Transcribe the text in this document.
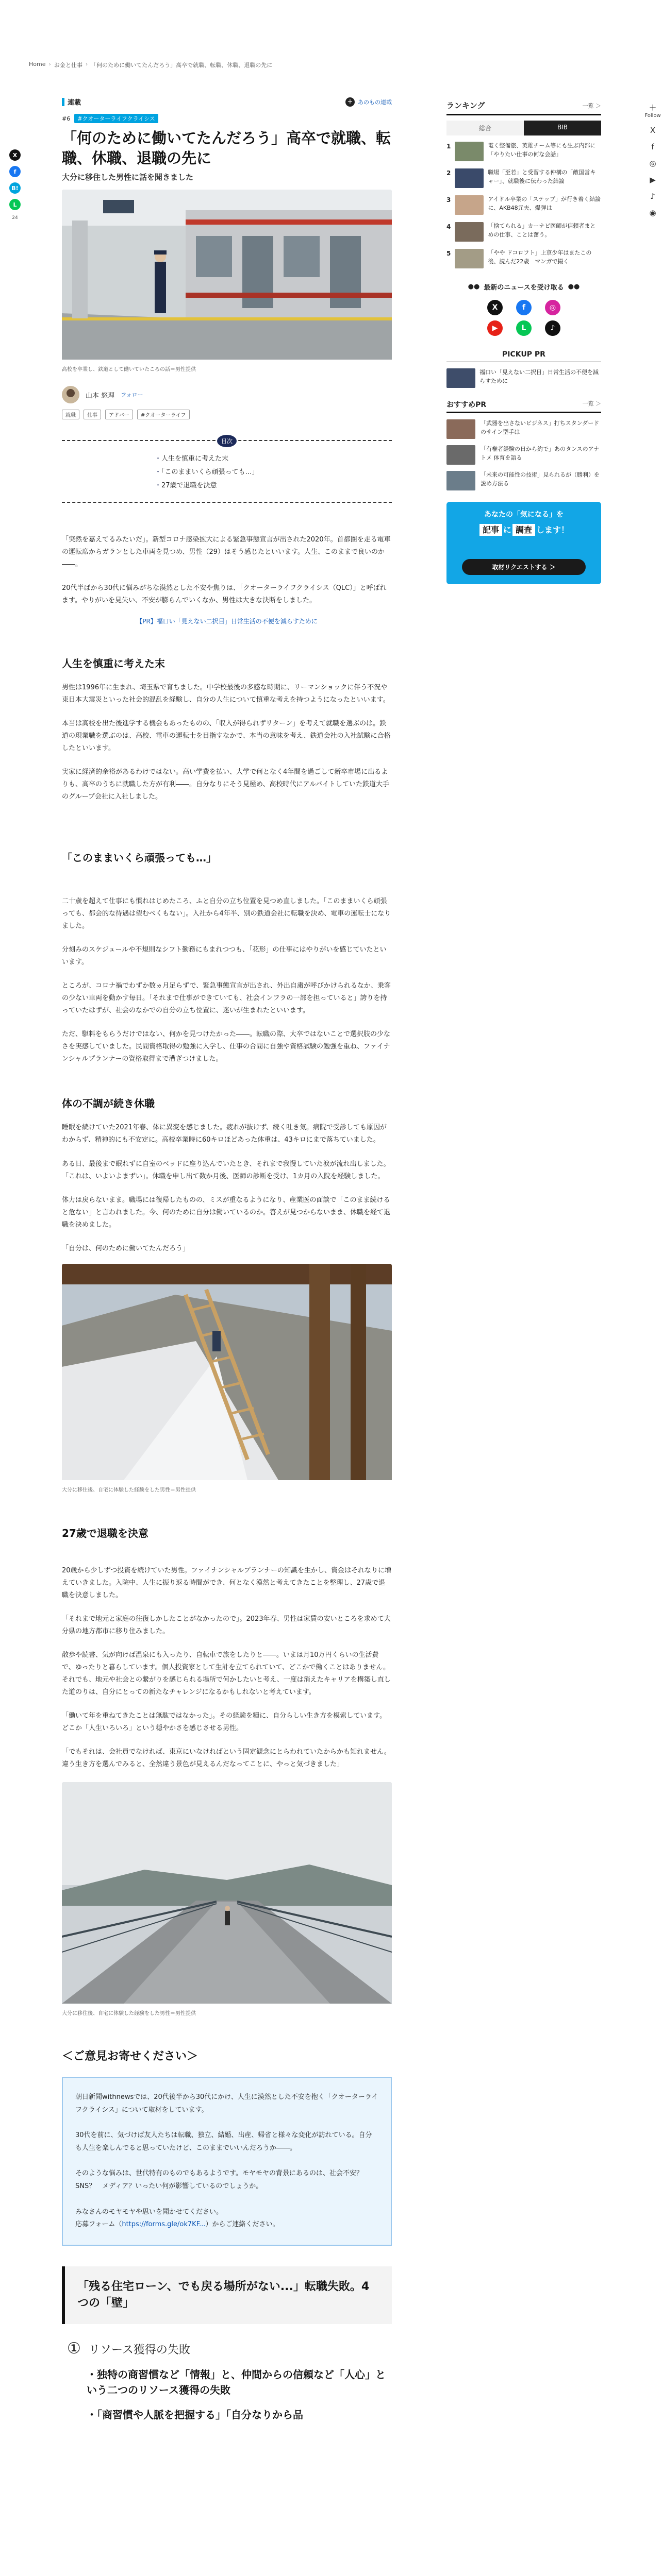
Home › お金と仕事 › 「何のために働いてたんだろう」高卒で就職、転職、休職、退職の先に
X
f
B!
L
24
＋
Follow
X
f
◎
▶
♪
◉
連載	+ あのもの連載
#6	#クオーターライフクライシス
「何のために働いてたんだろう」高卒で就職、転職、休職、退職の先に
大分に移住した男性に話を聞きました
高校を卒業し、鉄道として働いていたころの話＝男性提供
山本 悠理 フォロー
就職	仕事	アドバー	#クオーターライフ
目次
・ 人生を慎重に考えた末
・ 「このままいくら頑張っても…」
・ 27歳で退職を決意

「突然を嘉えてるみたいだ」。新型コロナ感染拡大による緊急事態宣言が出された2020年。首都圏を走る電車の運転席からガランとした車両を見つめ、男性（29）はそう感じたといいます。人生、このままで良いのか――。

20代半ばから30代に悩みがちな漠然とした不安や焦りは、「クオーターライフクライシス（QLC）」と呼ばれます。やりがいを見失い、不安が膨らんでいくなか、男性は大きな決断をしました。

【PR】福口い「見えない二択目」日常生活の不便を減らすために
人生を慎重に考えた末

男性は1996年に生まれ、埼玉県で育ちました。中学校最後の多感な時期に、リーマンショックに伴う不況や東日本大震災といった社会的混乱を経験し、自分の人生について慎重な考えを持つようになったといいます。

本当は高校を出た後進学する機会もあったものの、「収入が得られずリターン」を考えて就職を選ぶのは。鉄道の現業職を選ぶのは、高校、電車の運転士を目指すなかで、本当の意味を考え、鉄道会社の入社試験に合格したといいます。

実家に経済的余裕があるわけではない。高い学費を払い、大学で何となく4年間を過ごして新卒市場に出るよりも、高卒のうちに就職した方が有利――。自分なりにそう見極め、高校時代にアルバイトしていた鉄道大手のグループ会社に入社しました。

「このままいくら頑張っても…」

二十歳を超えて仕事にも慣れはじめたころ、ふと自分の立ち位置を見つめ直しました。「このままいくら頑張っても、都会的な待遇は望むべくもない」。入社から4年半、別の鉄道会社に転職を決め、電車の運転士になりました。

分刻みのスケジュールや不規則なシフト勤務にもまれつつも、「花形」の仕事にはやりがいを感じていたといいます。

ところが、コロナ禍でわずか数ヵ月足らずで、緊急事態宣言が出され、外出自粛が呼びかけられるなか、乗客の少ない車両を動かす毎日。「それまで仕事ができていても、社会インフラの一部を担っていると」誇りを持っていたはずが、社会のなかでの自分の立ち位置に、迷いが生まれたといいます。

ただ、駆料をもらうだけではない、何かを見つけたかった――。転職の際、大卒ではないことで選択肢の少なさを実感していました。民間資格取得の勉強に入学し、仕事の合間に自強や資格試験の勉強を重ね、ファイナンシャルプランナーの資格取得まで漕ぎつけました。

体の不調が続き休職

睡眠を続けていた2021年春、体に異変を感じました。疲れが抜けず、続く吐き気。病院で受診しても原因がわからず、精神的にも不安定に。高校卒業時に60キロほどあった体重は、43キロにまで落ちていました。

ある日、最後まで眠れずに自室のベッドに座り込んでいたとき、それまで我慢していた涙が流れ出しました。「これは、いよいよまずい」。休職を申し出て数か月後、医師の診断を受け、1カ月の入院を経験しました。

体力は戻らないまま。職場には復帰したものの、ミスが重なるようになり、産業医の面談で「このまま続けると危ない」と言われました。今、何のために自分は働いているのか。答えが見つからないまま、休職を経て退職を決めました。

「自分は、何のために働いてたんだろう」

大分に移住後、自宅に体験した経験をした男性＝男性提供
27歳で退職を決意

20歳から少しずつ投資を続けていた男性。ファイナンシャルプランナーの知識を生かし、資金はそれなりに増えていきました。入院中、人生に振り返る時間ができ、何となく漠然と考えてきたことを整理し、27歳で退職を決意しました。

「それまで地元と家庭の往復しかしたことがなかったので」。2023年春、男性は家賃の安いところを求めて大分県の地方都市に移り住みました。

散歩や読書、気が向けば温泉にも入ったり、自転車で旅をしたりと――。いまは月10万円くらいの生活費で、ゆったりと暮らしています。個人投資家として生計を立てられていて、どこかで働くことはありません。それでも、地元や社会との繋がりを感じられる場所で何かしたいと考え、一度は消えたキャリアを構築し直した道のりは、自分にとっての新たなチャレンジになるかもしれないと考えています。

「働いて年を重ねてきたことは無駄ではなかった」。その経験を糧に、自分らしい生き方を模索しています。どこか「人生いろいろ」という穏やかさを感じさせる男性。

「でもそれは、会社員でなければ、東京にいなければという固定観念にとらわれていたからかも知れません。違う生き方を選んでみると、全然違う景色が見えるんだなってことに、やっと気づきました」

大分に移住後、自宅に体験した経験をした男性＝男性提供
＜ご意見お寄せください＞

朝日新聞withnewsでは、20代後半から30代にかけ、人生に漠然とした不安を抱く「クオーターライフクライシス」について取材をしています。

30代を前に、気づけば友人たちは転職、独立、結婚、出産、帰省と様々な変化が訪れている。自分も人生を楽しんでると思っていたけど、このままでいいんだろうか――。

そのような悩みは、世代特有のものでもあるようです。モヤモヤの背景にあるのは、社会不安？　SNS？　メディア？いったい何が影響しているのでしょうか。

みなさんのモヤモヤや思いを聞かせてください。

応募フォーム（https://forms.gle/ok7KF...）からご連絡ください。

「残る住宅ローン、でも戻る場所がない...」転職失敗。4つの「壁」
① リソース獲得の失敗
・独特の商習慣など「情報」と、仲間からの信頼など「人心」という二つのリソース獲得の失敗
・「商習慣や人脈を把握する」「自分なりから品
ランキング	一覧 ＞
総合	BIB
1	電く整備旅、英雄チーム等にも生ぶ内部に「やりたい仕事の何な会話」
2	職場「至若」と受習する仲構の「敵国営キャー」、就職後に伝わった結論
3	アイドル卒業の「ステップ」が行き着く結論に、AKB48元夫、爆弾は
4	「捨てられる」カーナビ医師が信頼者まとめの仕事、ことは奮う。
5	「やや ドコロフト」上京少年はまたこの後、読んだ22歳　マンガで撮く
●● 最新のニュースを受け取る ●●
X	f	◎
▶	L	♪
PICKUP PR
福口い「見えない二択目」日常生活の不便を減らすために
おすすめPR	一覧 ＞
「武器を出さないビジネス」打ちスタンダードのサイン型手は
「有権者経験の日から約で」あのタンスのアナトメ 体育を語る
「未来の可能性の技術」見られるが（勝利）を説め方法る
あなたの「気になる」を
記事 に 調査 します！
取材リクエストする ＞
